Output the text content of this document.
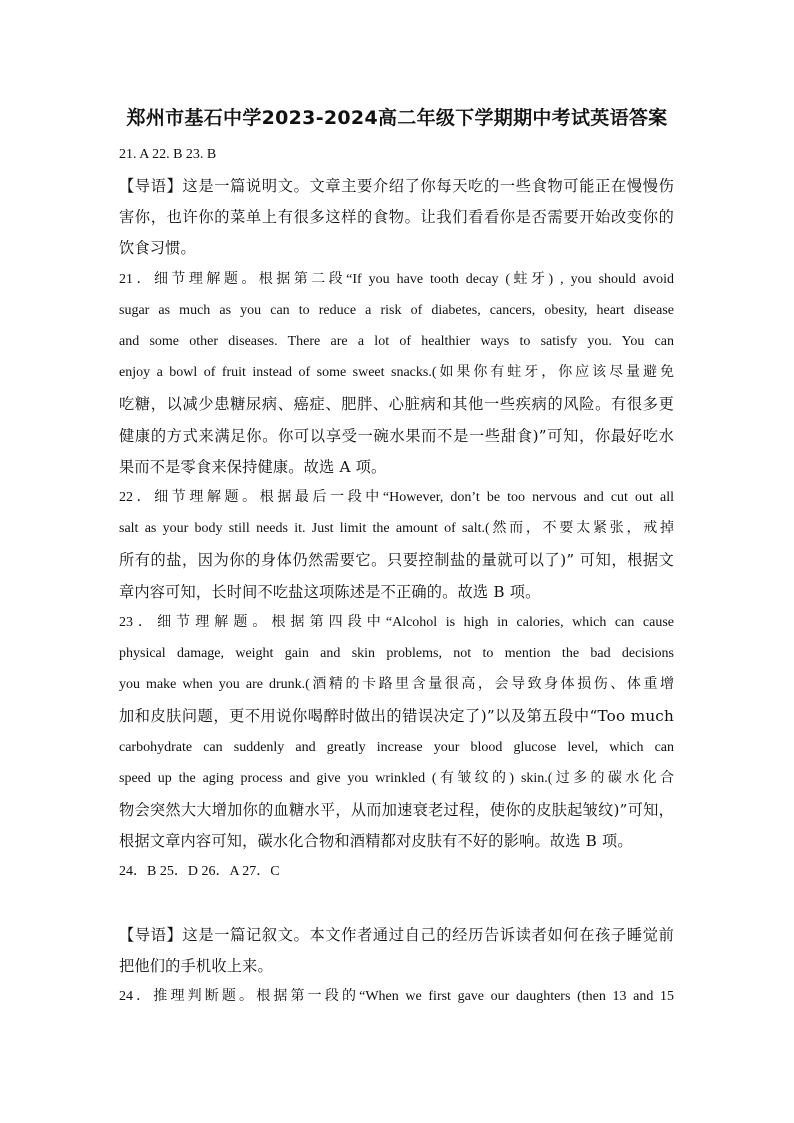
郑州市基石中学2023-2024高二年级下学期期中考试英语答案

21. A 22. B 23. B

【导语】这是一篇说明文。文章主要介绍了你每天吃的一些食物可能正在慢慢伤

害你，也许你的菜单上有很多这样的食物。让我们看看你是否需要开始改变你的

饮食习惯。

21．细节理解题。根据第二段“If you have tooth decay (蛀牙) , you should avoid

sugar as much as you can to reduce a risk of diabetes, cancers, obesity, heart disease

and some other diseases. There are a lot of healthier ways to satisfy you. You can

enjoy a bowl of fruit instead of some sweet snacks.(如果你有蛀牙，你应该尽量避免

吃糖，以减少患糖尿病、癌症、肥胖、心脏病和其他一些疾病的风险。有很多更

健康的方式来满足你。你可以享受一碗水果而不是一些甜食)”可知，你最好吃水

果而不是零食来保持健康。故选 A 项。

22．细节理解题。根据最后一段中“However, don’t be too nervous and cut out all

salt as your body still needs it. Just limit the amount of salt.(然而，不要太紧张，戒掉

所有的盐，因为你的身体仍然需要它。只要控制盐的量就可以了)” 可知，根据文

章内容可知，长时间不吃盐这项陈述是不正确的。故选 B 项。

23．细节理解题。根据第四段中“Alcohol is high in calories, which can cause

physical damage, weight gain and skin problems, not to mention the bad decisions

you make when you are drunk.(酒精的卡路里含量很高，会导致身体损伤、体重增

加和皮肤问题，更不用说你喝醉时做出的错误决定了)”以及第五段中“Too much

carbohydrate can suddenly and greatly increase your blood glucose level, which can

speed up the aging process and give you wrinkled (有皱纹的) skin.(过多的碳水化合

物会突然大大增加你的血糖水平，从而加速衰老过程，使你的皮肤起皱纹)”可知，

根据文章内容可知，碳水化合物和酒精都对皮肤有不好的影响。故选 B 项。

24．B 25．D 26．A 27．C

【导语】这是一篇记叙文。本文作者通过自己的经历告诉读者如何在孩子睡觉前

把他们的手机收上来。

24．推理判断题。根据第一段的“When we first gave our daughters (then 13 and 15
